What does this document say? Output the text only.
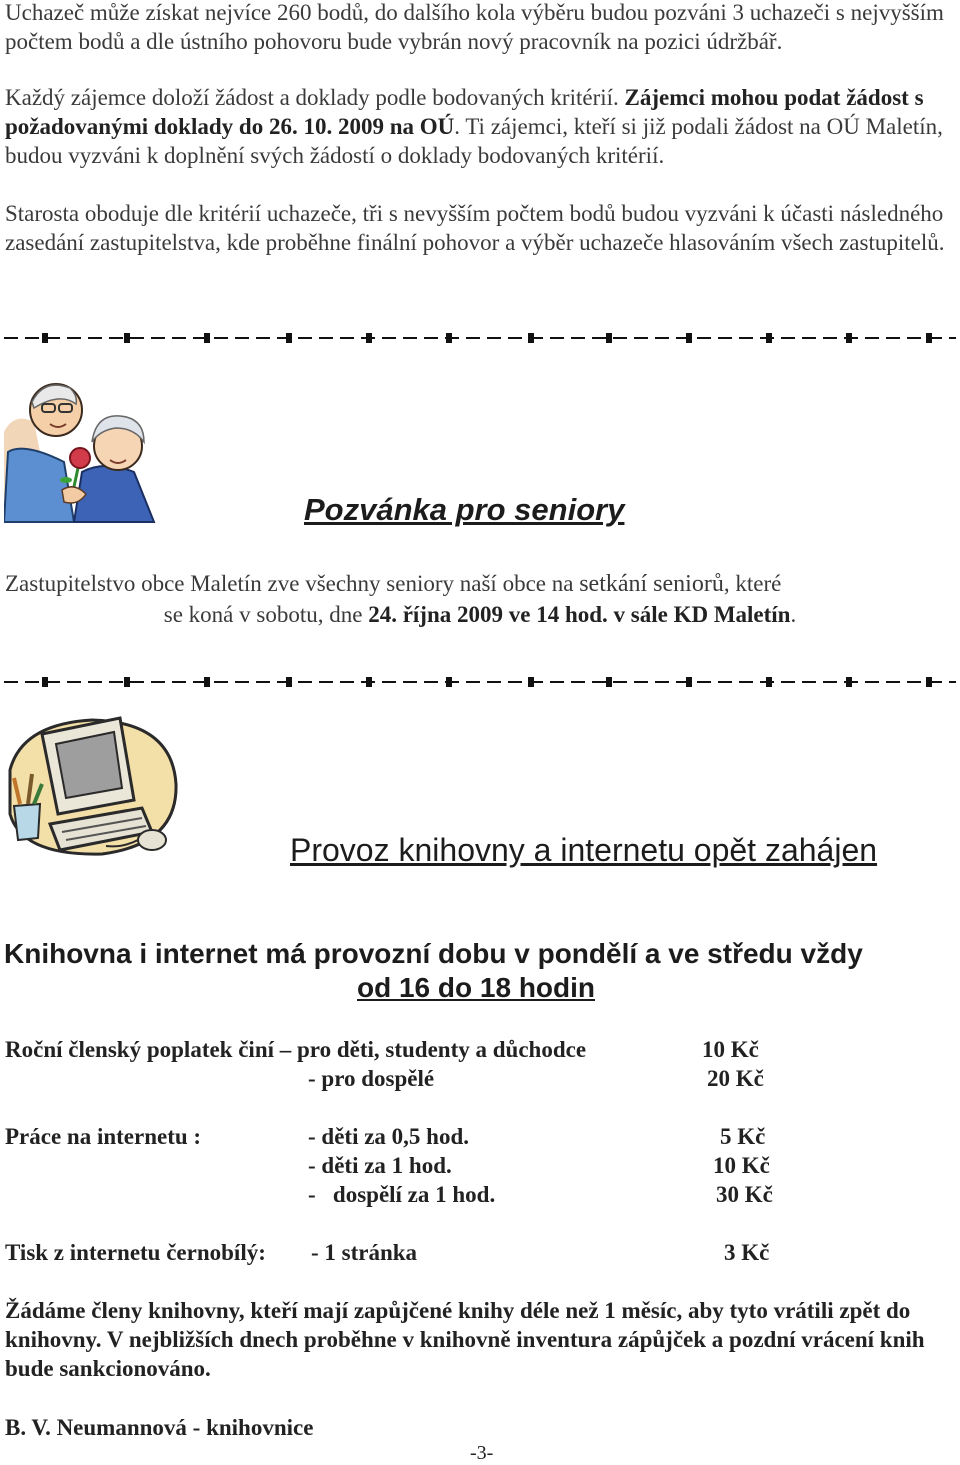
Uchazeč může získat nejvíce 260 bodů, do dalšího kola výběru budou pozváni 3 uchazeči s nejvyšším počtem bodů a dle ústního pohovoru bude vybrán nový pracovník na pozici údržbář.
Každý zájemce doloží žádost a doklady podle bodovaných kritérií. Zájemci mohou podat žádost s požadovanými doklady do 26. 10. 2009 na OÚ. Ti zájemci, kteří si již podali žádost na OÚ Maletín, budou vyzváni k doplnění svých žádostí o doklady bodovaných kritérií.
Starosta oboduje dle kritérií uchazeče, tři s nevyšším počtem bodů budou vyzváni k účasti následného zasedání zastupitelstva, kde proběhne finální pohovor a výběr uchazeče hlasováním všech zastupitelů.
Pozvánka pro seniory
Zastupitelstvo obce Maletín zve všechny seniory naší obce na setkání seniorů, které
se koná v sobotu, dne 24. října 2009 ve 14 hod. v sále KD Maletín.
Provoz knihovny a internetu opět zahájen
Knihovna i internet má provozní dobu v pondělí a ve středu vždy
od 16 do 18 hodin
Roční členský poplatek činí – pro děti, studenty a důchodce	10 Kč
- pro dospělé	20 Kč
Práce na internetu :	- děti za 0,5 hod.	5 Kč
- děti za 1 hod.	10 Kč
-   dospělí za 1 hod.	30 Kč
Tisk z internetu černobílý: - 1 stránka	3 Kč
Žádáme členy knihovny, kteří mají zapůjčené knihy déle než 1 měsíc, aby tyto vrátili zpět do knihovny. V nejbližších dnech proběhne v knihovně inventura zápůjček a pozdní vrácení knih bude sankcionováno.
B. V. Neumannová - knihovnice
-3-
